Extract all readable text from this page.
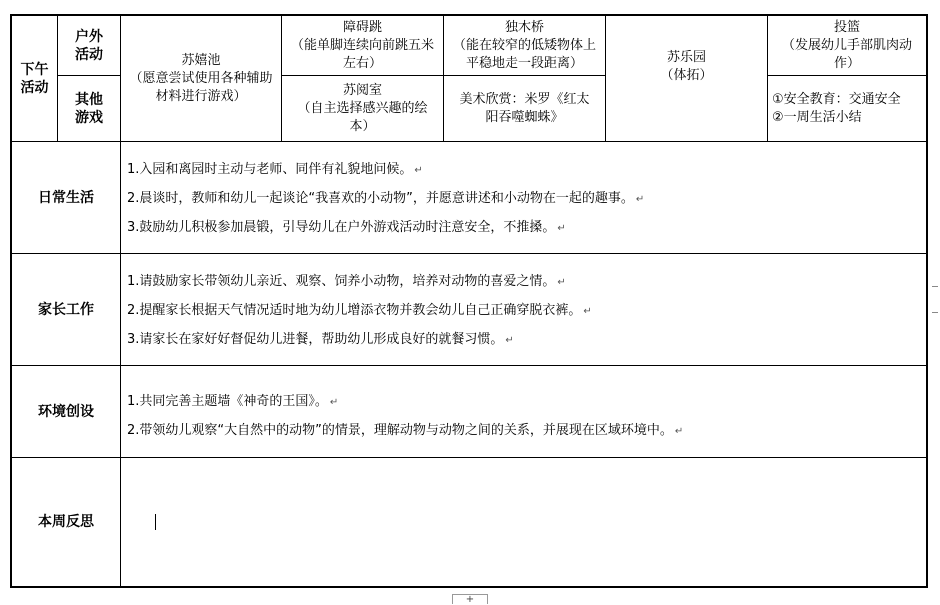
下午
活动
户外
活动
其他
游戏
苏嬉池
（愿意尝试使用各种辅助材料进行游戏）
障碍跳
（能单脚连续向前跳五米左右）
苏阅室
（自主选择感兴趣的绘本）
独木桥
（能在较窄的低矮物体上平稳地走一段距离）
美术欣赏：米罗《红太阳吞噬蜘蛛》
苏乐园
（体拓）
投篮
（发展幼儿手部肌肉动作）
①安全教育：交通安全
②一周生活小结
日常生活
1.入园和离园时主动与老师、同伴有礼貌地问候。 ↵
2.晨谈时，教师和幼儿一起谈论“我喜欢的小动物”，并愿意讲述和小动物在一起的趣事。 ↵
3.鼓励幼儿积极参加晨锻，引导幼儿在户外游戏活动时注意安全，不推搡。 ↵
家长工作
1.请鼓励家长带领幼儿亲近、观察、饲养小动物，培养对动物的喜爱之情。 ↵
2.提醒家长根据天气情况适时地为幼儿增添衣物并教会幼儿自己正确穿脱衣裤。 ↵
3.请家长在家好好督促幼儿进餐，帮助幼儿形成良好的就餐习惯。 ↵
环境创设
1.共同完善主题墙《神奇的王国》。 ↵
2.带领幼儿观察“大自然中的动物”的情景，理解动物与动物之间的关系，并展现在区域环境中。 ↵
本周反思
+
